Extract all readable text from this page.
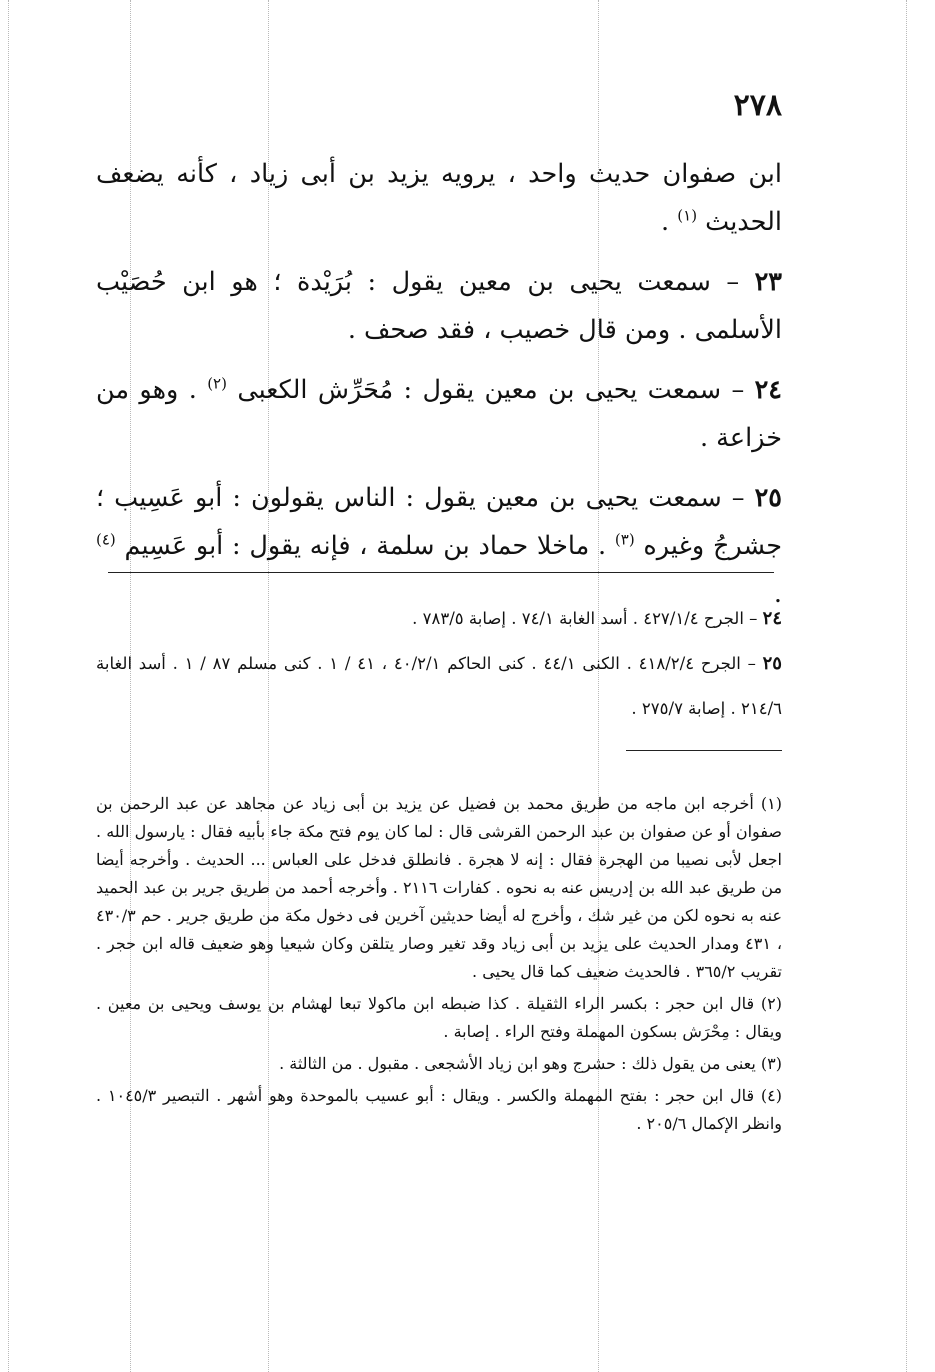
٢٧٨

ابن صفوان حديث واحد ، يرويه يزيد بن أبى زياد ، كأنه يضعف الحديث $^{(١)}$ .

٢٣ – سمعت يحيى بن معين يقول : بُرَيْدة ؛ هو ابن حُصَيْب الأسلمى . ومن قال خصيب ، فقد صحف .

٢٤ – سمعت يحيى بن معين يقول : مُحَرِّش الكعبى $^{(٢)}$ . وهو من خزاعة .

٢٥ – سمعت يحيى بن معين يقول : الناس يقولون : أبو عَسِيب ؛ جشرجُ وغيره $^{(٣)}$ . ماخلا حماد بن سلمة ، فإنه يقول : أبو عَسِيم $^{(٤)}$ .

٢٤ – الجرح ٤٢٧/١/٤ . أسد الغابة ٧٤/١ . إصابة ٧٨٣/٥ .

٢٥ – الجرح ٤١٨/٢/٤ . الكنى ٤٤/١ . كنى الحاكم ٤٠/٢/١ ، ٤١ / ١ . كنى مسلم ٨٧ / ١ . أسد الغابة ٢١٤/٦ . إصابة ٢٧٥/٧ .

(١) أخرجه ابن ماجه من طريق محمد بن فضيل عن يزيد بن أبى زياد عن مجاهد عن عبد الرحمن بن صفوان أو عن صفوان بن عبد الرحمن القرشى قال : لما كان يوم فتح مكة جاء بأبيه فقال : يارسول الله . اجعل لأبى نصيبا من الهجرة فقال : إنه لا هجرة . فانطلق فدخل على العباس ... الحديث . وأخرجه أيضا من طريق عبد الله بن إدريس عنه به نحوه . كفارات ٢١١٦ . وأخرجه أحمد من طريق جرير بن عبد الحميد عنه به نحوه لكن من غير شك ، وأخرج له أيضا حديثين آخرين فى دخول مكة من طريق جرير . حم ٤٣٠/٣ ، ٤٣١ ومدار الحديث على يزيد بن أبى زياد وقد تغير وصار يتلقن وكان شيعيا وهو ضعيف قاله ابن حجر . تقريب ٣٦٥/٢ . فالحديث ضعيف كما قال يحيى .

(٢) قال ابن حجر : بكسر الراء الثقيلة . كذا ضبطه ابن ماكولا تبعا لهشام بن يوسف ويحيى بن معين . ويقال : مِحْرَش بسكون المهملة وفتح الراء . إصابة .

(٣) يعنى من يقول ذلك : حشرج وهو ابن زياد الأشجعى . مقبول . من الثالثة .

(٤) قال ابن حجر : بفتح المهملة والكسر . ويقال : أبو عسيب بالموحدة وهو أشهر . التبصير ١٠٤٥/٣ . وانظر الإكمال ٢٠٥/٦ .
